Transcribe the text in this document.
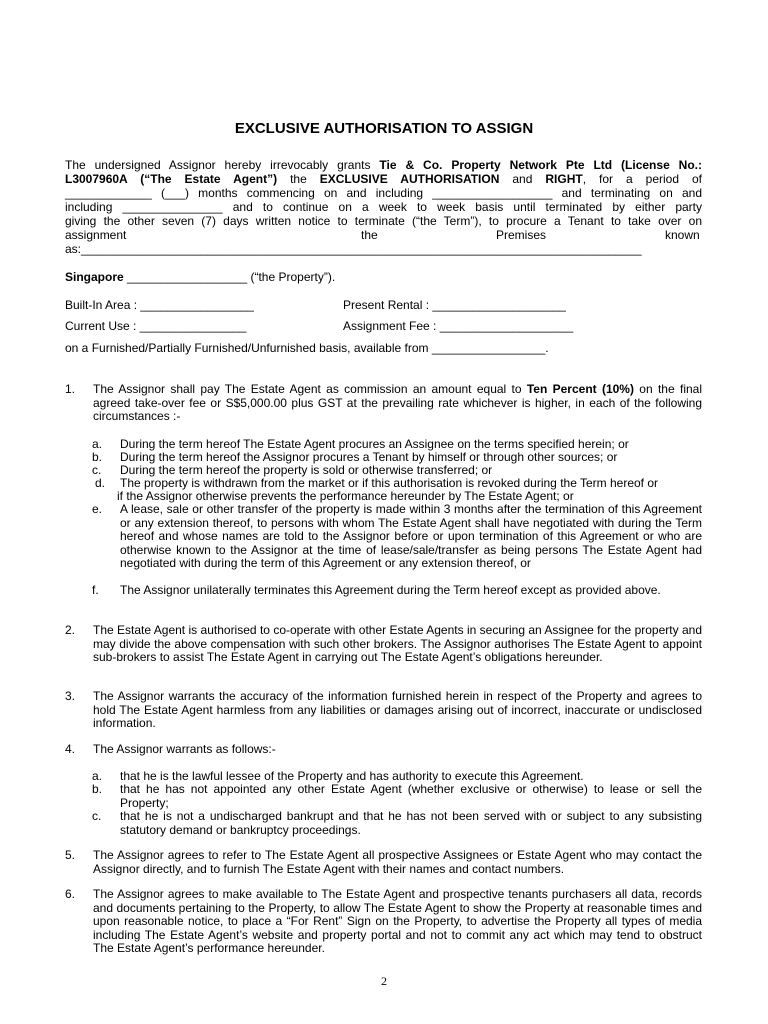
EXCLUSIVE AUTHORISATION TO ASSIGN
The undersigned Assignor hereby irrevocably grants Tie & Co. Property Network Pte Ltd (License No.:
L3007960A (“The Estate Agent”) the EXCLUSIVE AUTHORISATION and RIGHT, for a period of
_____________ (___) months commencing on and including __________________ and terminating on and
including _______________ and to continue on a week to week basis until terminated by either party
giving the other seven (7) days written notice to terminate (“the Term”), to procure a Tenant to take over on
assignment	the	Premises	known
as:____________________________________________________________________________________
Singapore __________________ (“the Property”).
Built-In Area : _________________	Present Rental : ____________________
Current Use : ________________	Assignment Fee : ____________________
on a Furnished/Partially Furnished/Unfurnished basis, available from _________________.
1. The Assignor shall pay The Estate Agent as commission an amount equal to Ten Percent (10%) on the final agreed take-over fee or S$5,000.00 plus GST at the prevailing rate whichever is higher, in each of the following circumstances :-
a. During the term hereof The Estate Agent procures an Assignee on the terms specified herein; or
b. During the term hereof the Assignor procures a Tenant by himself or through other sources; or
c. During the term hereof the property is sold or otherwise transferred; or
d. The property is withdrawn from the market or if this authorisation is revoked during the Term hereof or
if the Assignor otherwise prevents the performance hereunder by The Estate Agent; or
e. A lease, sale or other transfer of the property is made within 3 months after the termination of this Agreement or any extension thereof, to persons with whom The Estate Agent shall have negotiated with during the Term hereof and whose names are told to the Assignor before or upon termination of this Agreement or who are otherwise known to the Assignor at the time of lease/sale/transfer as being persons The Estate Agent had negotiated with during the term of this Agreement or any extension thereof, or
f. The Assignor unilaterally terminates this Agreement during the Term hereof except as provided above.
2. The Estate Agent is authorised to co-operate with other Estate Agents in securing an Assignee for the property and may divide the above compensation with such other brokers. The Assignor authorises The Estate Agent to appoint sub-brokers to assist The Estate Agent in carrying out The Estate Agent’s obligations hereunder.
3. The Assignor warrants the accuracy of the information furnished herein in respect of the Property and agrees to hold The Estate Agent harmless from any liabilities or damages arising out of incorrect, inaccurate or undisclosed information.
4. The Assignor warrants as follows:-
a. that he is the lawful lessee of the Property and has authority to execute this Agreement.
b. that he has not appointed any other Estate Agent (whether exclusive or otherwise) to lease or sell the Property;
c. that he is not a undischarged bankrupt and that he has not been served with or subject to any subsisting statutory demand or bankruptcy proceedings.
5. The Assignor agrees to refer to The Estate Agent all prospective Assignees or Estate Agent who may contact the Assignor directly, and to furnish The Estate Agent with their names and contact numbers.
6. The Assignor agrees to make available to The Estate Agent and prospective tenants purchasers all data, records and documents pertaining to the Property, to allow The Estate Agent to show the Property at reasonable times and upon reasonable notice, to place a “For Rent” Sign on the Property, to advertise the Property all types of media including The Estate Agent’s website and property portal and not to commit any act which may tend to obstruct The Estate Agent’s performance hereunder.
2
